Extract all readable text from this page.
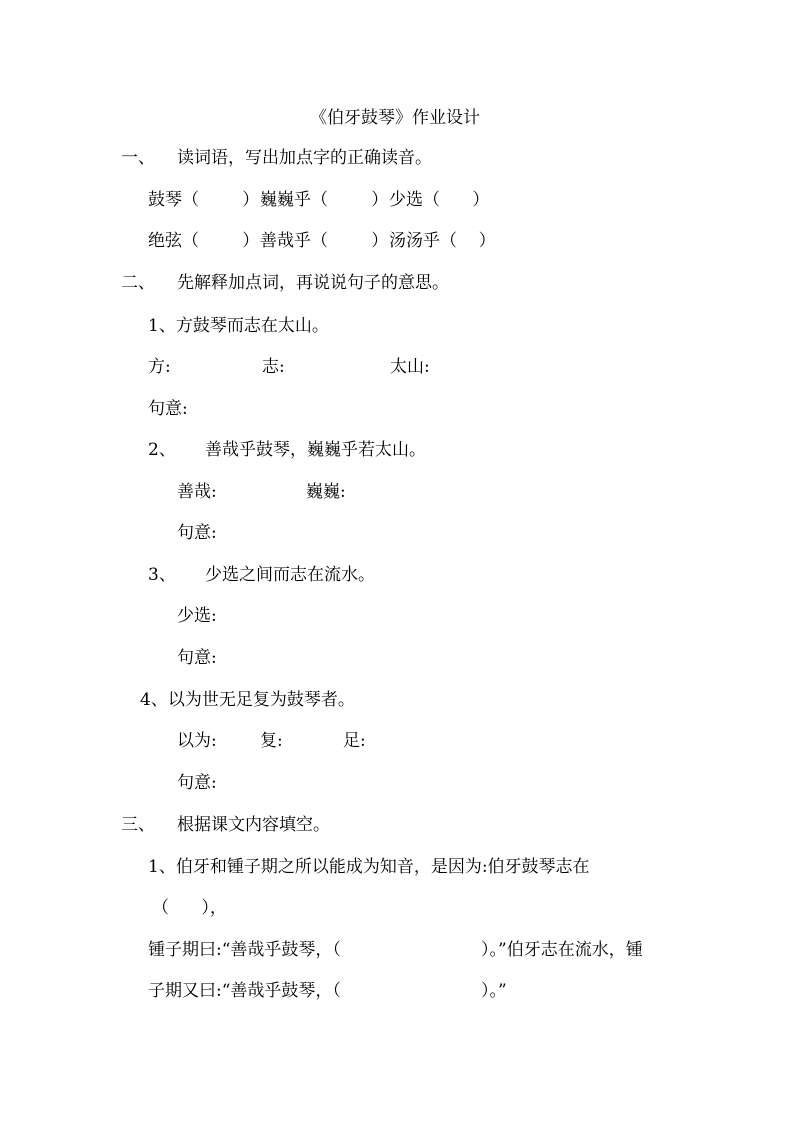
《伯牙鼓琴》作业设计
一、 读词语，写出加点字的正确读音。
鼓琴（        ） 巍巍乎（        ） 少选（      ）
绝弦（        ） 善哉乎（        ） 汤汤乎（    ）
二、 先解释加点词，再说说句子的意思。
1、方鼓琴而志在太山。
方:	志:	太山:
句意:
2、 善哉乎鼓琴，巍巍乎若太山。
善哉:	巍巍:
句意:
3、 少选之间而志在流水。
少选:
句意:
4、以为世无足复为鼓琴者。
以为:	复:	足:
句意:
三、 根据课文内容填空。
1、伯牙和锺子期之所以能成为知音，是因为:伯牙鼓琴志在
（      ），
锺子期曰:“善哉乎鼓琴，（	）。”伯牙志在流水，锺
子期又曰:“善哉乎鼓琴，（	）。”
